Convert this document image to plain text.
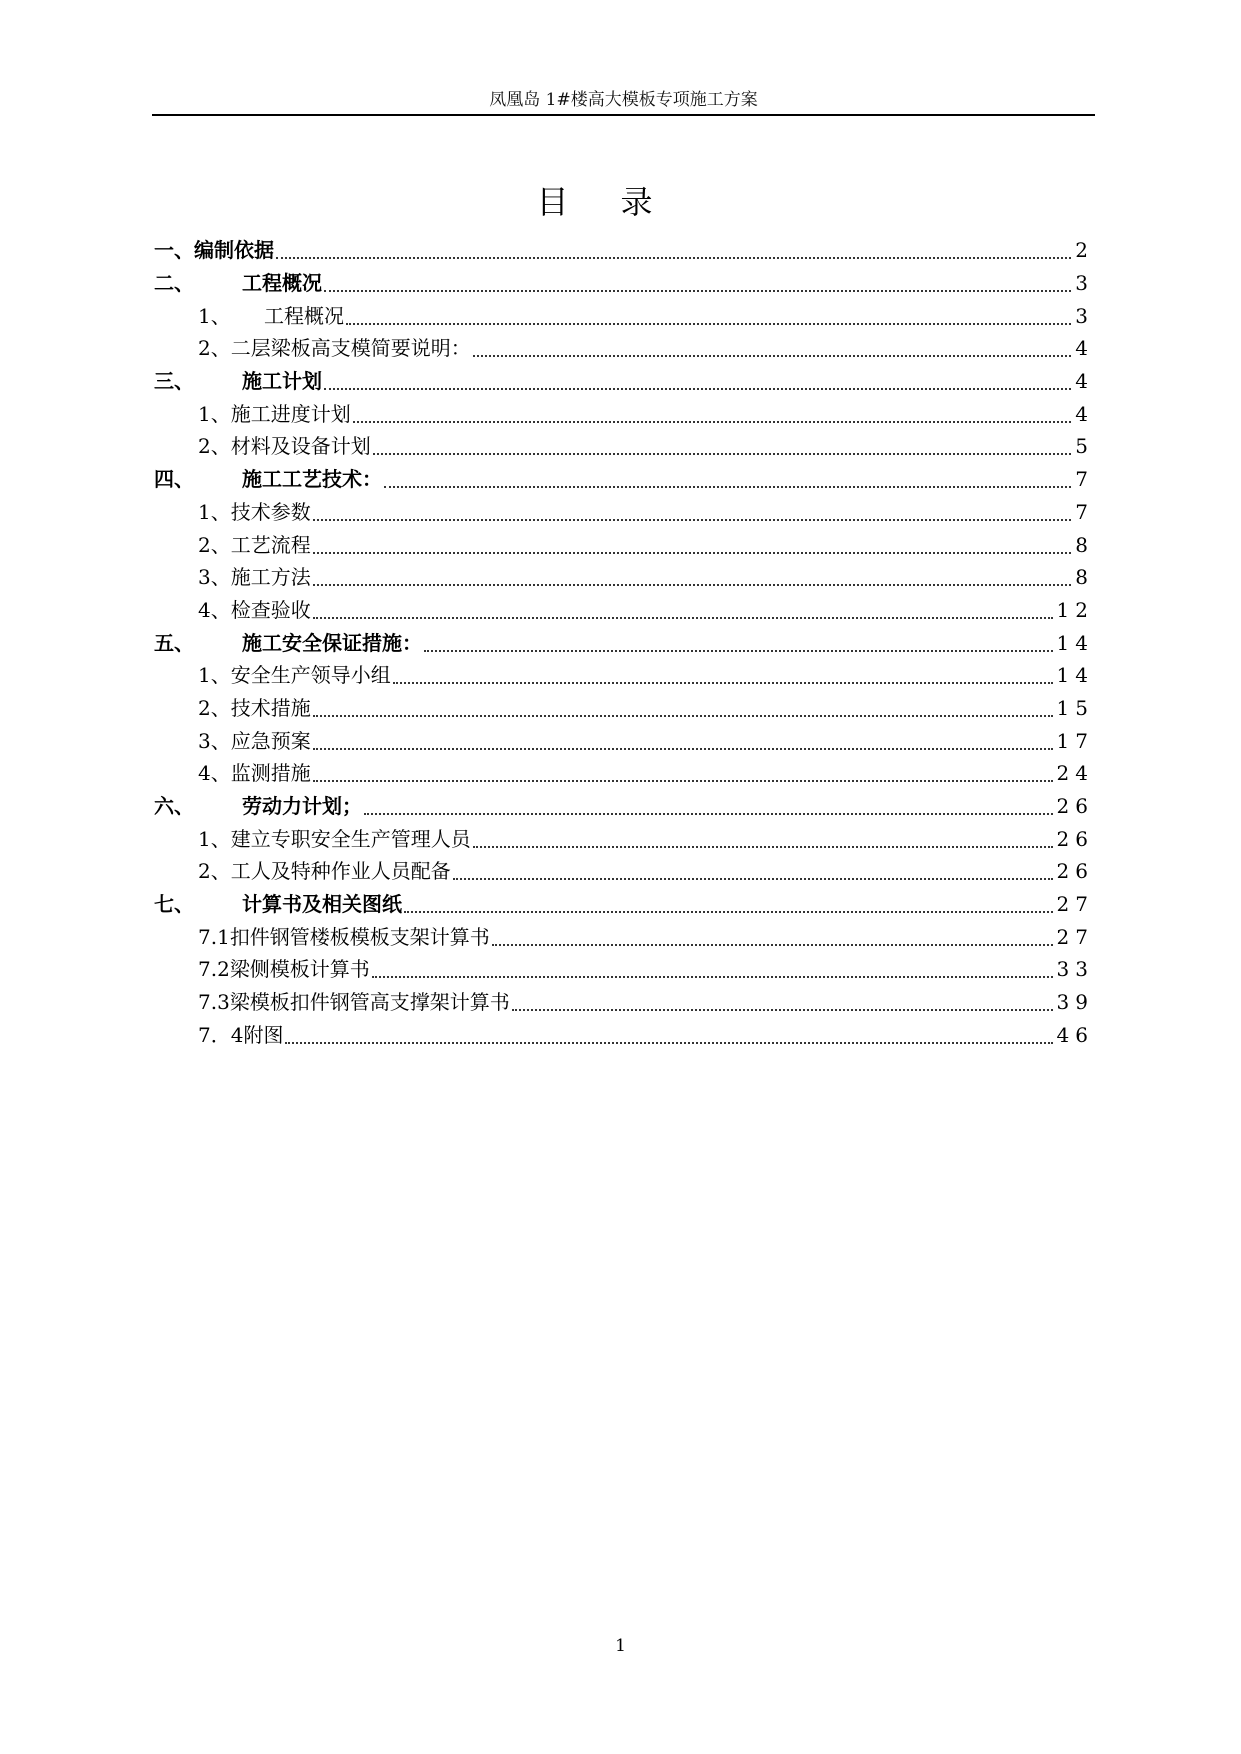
凤凰岛 1#楼高大模板专项施工方案
目录
一、 编制依据	2
二、	工程概况	3
1、	工程概况	3
2、 二层梁板高支模简要说明：	4
三、	施工计划	4
1、 施工进度计划	4
2、 材料及设备计划	5
四、	施工工艺技术：	7
1、 技术参数	7
2、 工艺流程	8
3、 施工方法	8
4、 检查验收	12
五、	施工安全保证措施：	14
1、 安全生产领导小组	14
2、 技术措施	15
3、 应急预案	17
4、 监测措施	24
六、	劳动力计划；	26
1、 建立专职安全生产管理人员	26
2、 工人及特种作业人员配备	26
七、	计算书及相关图纸	27
7.1 扣件钢管楼板模板支架计算书	27
7.2 梁侧模板计算书	33
7.3 梁模板扣件钢管高支撑架计算书	39
7．4 附图	46
1
